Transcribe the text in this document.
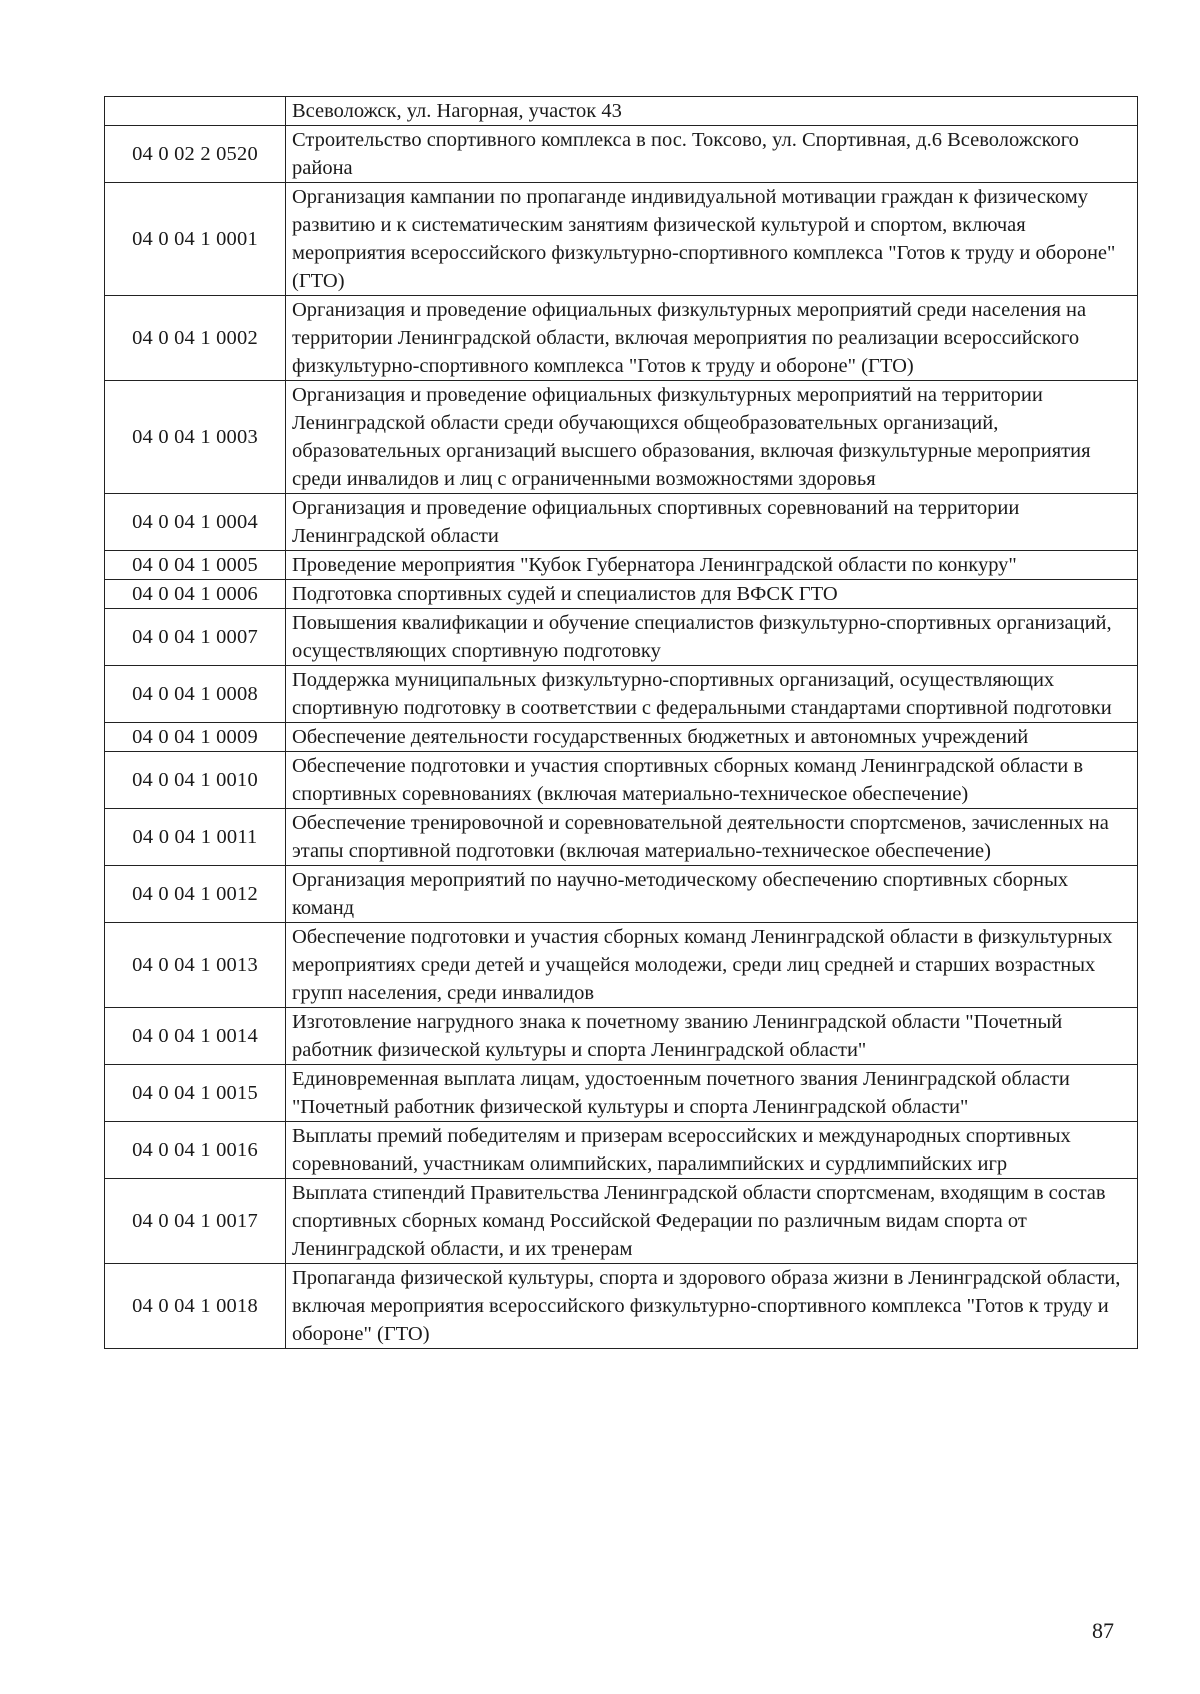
	Всеволожск, ул. Нагорная, участок 43
04 0 02 2 0520	Строительство спортивного комплекса в пос. Токсово, ул. Спортивная, д.6 Всеволожского района
04 0 04 1 0001	Организация кампании по пропаганде индивидуальной мотивации граждан к физическому развитию и к систематическим занятиям физической культурой и спортом, включая мероприятия всероссийского физкультурно-спортивного комплекса "Готов к труду и обороне" (ГТО)
04 0 04 1 0002	Организация и проведение официальных физкультурных мероприятий среди населения на территории Ленинградской области, включая мероприятия по реализации всероссийского физкультурно-спортивного комплекса "Готов к труду и обороне" (ГТО)
04 0 04 1 0003	Организация и проведение официальных физкультурных мероприятий на территории Ленинградской области среди обучающихся общеобразовательных организаций, образовательных организаций высшего образования, включая физкультурные мероприятия среди инвалидов и лиц с ограниченными возможностями здоровья
04 0 04 1 0004	Организация и проведение официальных спортивных соревнований на территории Ленинградской области
04 0 04 1 0005	Проведение мероприятия "Кубок Губернатора Ленинградской области по конкуру"
04 0 04 1 0006	Подготовка спортивных судей и специалистов для ВФСК ГТО
04 0 04 1 0007	Повышения квалификации и обучение специалистов физкультурно-спортивных организаций, осуществляющих спортивную подготовку
04 0 04 1 0008	Поддержка муниципальных физкультурно-спортивных организаций, осуществляющих спортивную подготовку в соответствии с федеральными стандартами спортивной подготовки
04 0 04 1 0009	Обеспечение деятельности государственных бюджетных и автономных учреждений
04 0 04 1 0010	Обеспечение подготовки и участия спортивных сборных команд Ленинградской области в спортивных соревнованиях (включая материально-техническое обеспечение)
04 0 04 1 0011	Обеспечение тренировочной и соревновательной деятельности спортсменов, зачисленных на этапы спортивной подготовки (включая материально-техническое обеспечение)
04 0 04 1 0012	Организация мероприятий по научно-методическому обеспечению спортивных сборных команд
04 0 04 1 0013	Обеспечение подготовки и участия сборных команд Ленинградской области в физкультурных мероприятиях среди детей и учащейся молодежи, среди лиц средней и старших возрастных групп населения, среди инвалидов
04 0 04 1 0014	Изготовление нагрудного знака к почетному званию Ленинградской области "Почетный работник физической культуры и спорта Ленинградской области"
04 0 04 1 0015	Единовременная выплата лицам, удостоенным почетного звания Ленинградской области "Почетный работник физической культуры и спорта Ленинградской области"
04 0 04 1 0016	Выплаты премий победителям и призерам всероссийских и международных спортивных соревнований, участникам олимпийских, паралимпийских и сурдлимпийских игр
04 0 04 1 0017	Выплата стипендий Правительства Ленинградской области спортсменам, входящим в состав спортивных сборных команд Российской Федерации по различным видам спорта от Ленинградской области, и их тренерам
04 0 04 1 0018	Пропаганда физической культуры, спорта и здорового образа жизни в Ленинградской области, включая мероприятия всероссийского физкультурно-спортивного комплекса "Готов к труду и обороне" (ГТО)
87
